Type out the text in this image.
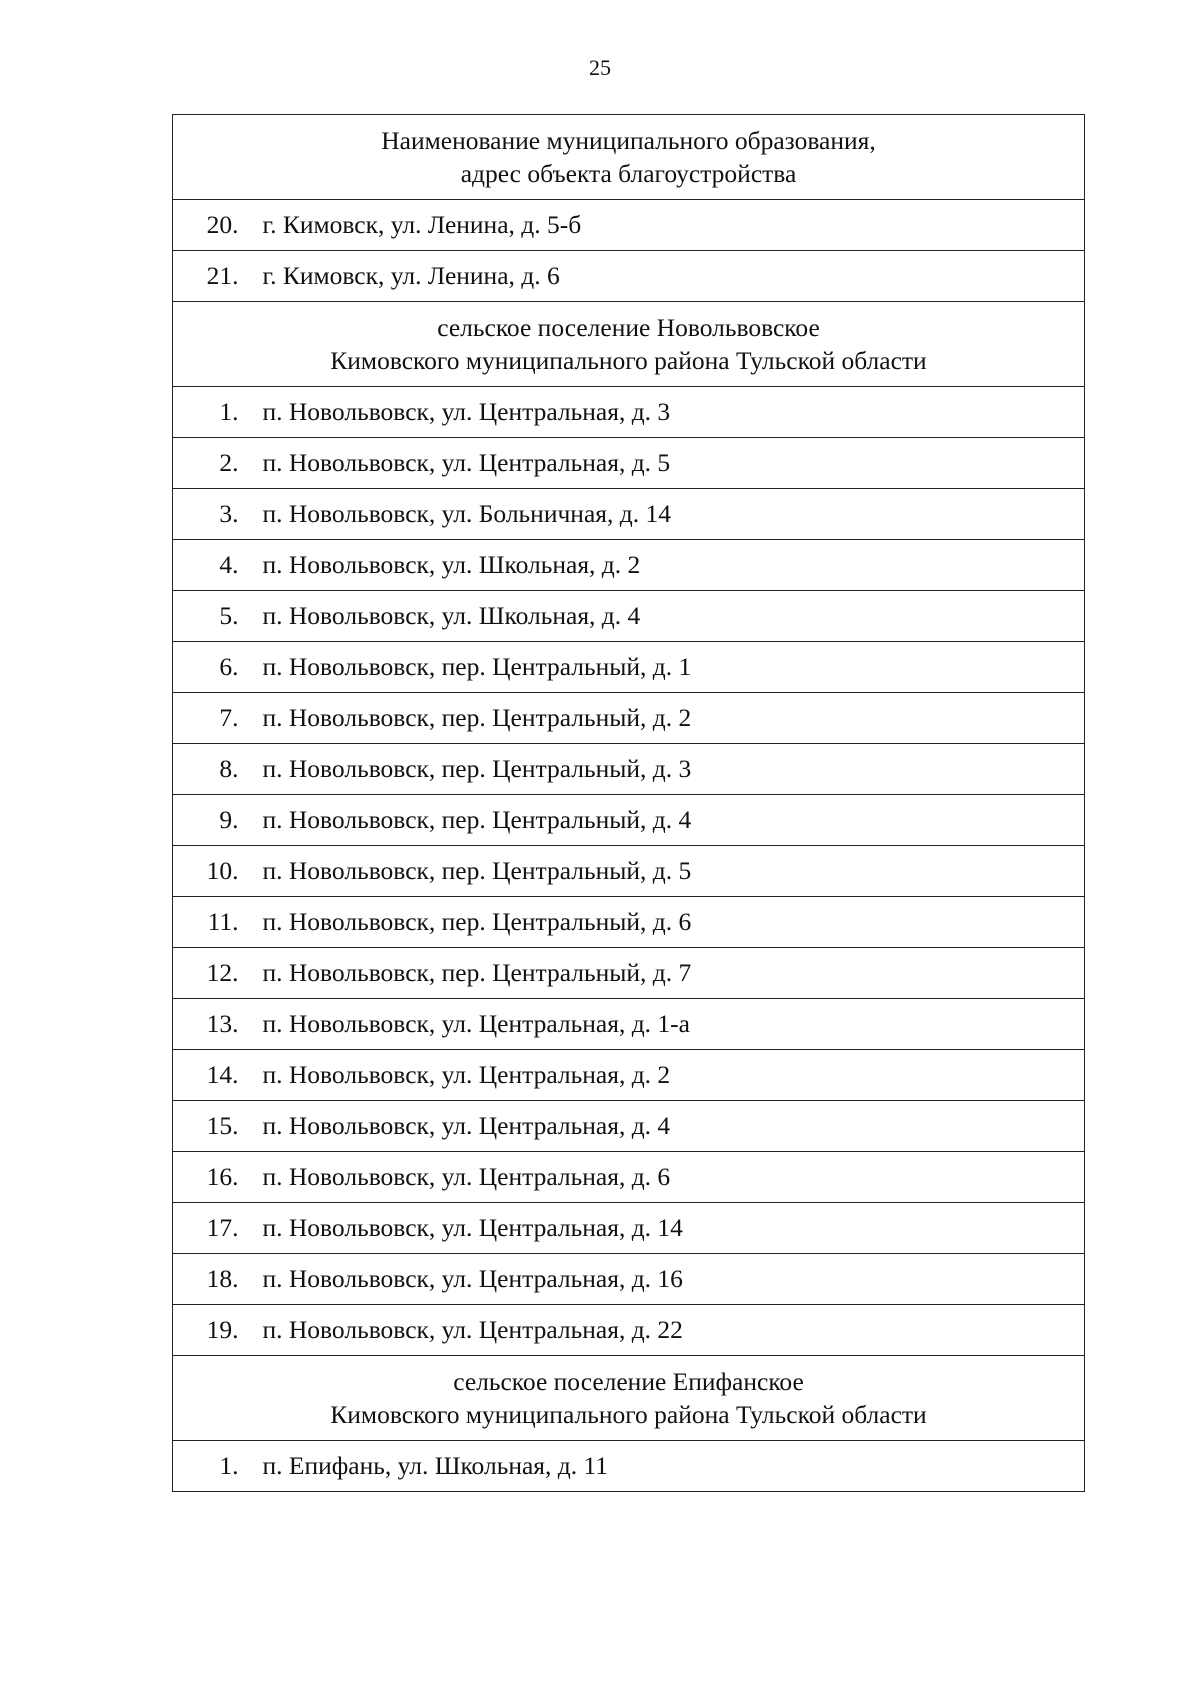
25
Наименование муниципального образования,
адрес объекта благоустройства	

20.	г. Кимовск, ул. Ленина, д. 5-б
21.	г. Кимовск, ул. Ленина, д. 6

сельское поселение Новольвовское
Кимовского муниципального района Тульской области	

1.	п. Новольвовск, ул. Центральная, д. 3
2.	п. Новольвовск, ул. Центральная, д. 5
3.	п. Новольвовск, ул. Больничная, д. 14
4.	п. Новольвовск, ул. Школьная, д. 2
5.	п. Новольвовск, ул. Школьная, д. 4
6.	п. Новольвовск, пер. Центральный, д. 1
7.	п. Новольвовск, пер. Центральный, д. 2
8.	п. Новольвовск, пер. Центральный, д. 3
9.	п. Новольвовск, пер. Центральный, д. 4
10.	п. Новольвовск, пер. Центральный, д. 5
11.	п. Новольвовск, пер. Центральный, д. 6
12.	п. Новольвовск, пер. Центральный, д. 7
13.	п. Новольвовск, ул. Центральная, д. 1-а
14.	п. Новольвовск, ул. Центральная, д. 2
15.	п. Новольвовск, ул. Центральная, д. 4
16.	п. Новольвовск, ул. Центральная, д. 6
17.	п. Новольвовск, ул. Центральная, д. 14
18.	п. Новольвовск, ул. Центральная, д. 16
19.	п. Новольвовск, ул. Центральная, д. 22

сельское поселение Епифанское
Кимовского муниципального района Тульской области	

1.	п. Епифань, ул. Школьная, д. 11
